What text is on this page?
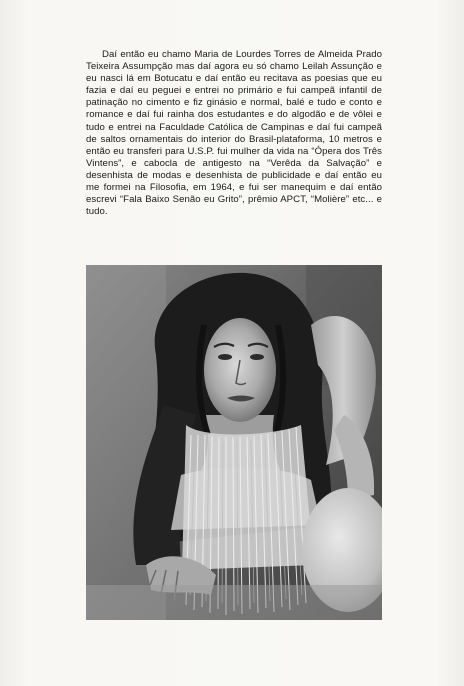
Daí então eu chamo Maria de Lourdes Torres de Almeida Prado Teixeira Assumpção mas daí agora eu só chamo Leilah Assunção e eu nasci lá em Botucatu e daí então eu recitava as poesias que eu fazia e daí eu peguei e entrei no primário e fui campeã infantil de patinação no cimento e fiz ginásio e normal, balé e tudo e conto e romance e daí fui rainha dos estudantes e do algodão e de vôlei e tudo e entrei na Faculdade Católica de Campinas e daí fui campeã de saltos ornamentais do interior do Brasil-plataforma, 10 metros e então eu transferi para U.S.P. fui mulher da vida na “Ópera dos Três Vintens”, e cabocla de antigesto na “Verêda da Salvação” e desenhista de modas e desenhista de publicidade e daí então eu me formei na Filosofia, em 1964, e fui ser manequim e daí então escrevi “Fala Baixo Senão eu Grito”, prêmio APCT, “Molière” etc... e tudo.
